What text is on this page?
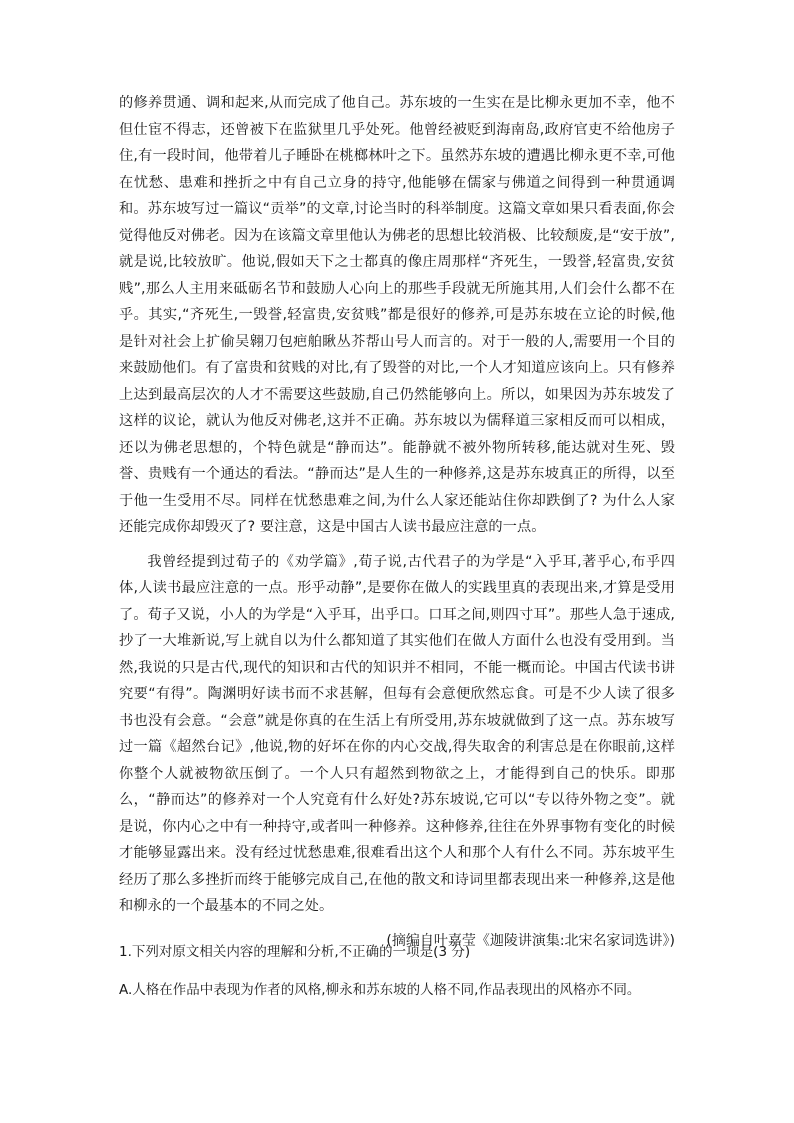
的修养贯通、调和起来,从而完成了他自己。苏东坡的一生实在是比柳永更加不幸，他不但仕宦不得志，还曾被下在监狱里几乎处死。他曾经被贬到海南岛,政府官吏不给他房子住,有一段时间，他带着儿子睡卧在桃榔林叶之下。虽然苏东坡的遭遇比柳永更不幸,可他在忧愁、患难和挫折之中有自己立身的持守,他能够在儒家与佛道之间得到一种贯通调和。苏东坡写过一篇议“贡举”的文章,讨论当时的科举制度。这篇文章如果只看表面,你会觉得他反对佛老。因为在该篇文章里他认为佛老的思想比较消极、比较颓废,是“安于放”,就是说,比较放旷。他说,假如天下之士都真的像庄周那样“齐死生，一毁誉,轻富贵,安贫贱”,那么人主用来砥砺名节和鼓励人心向上的那些手段就无所施其用,人们会什么都不在乎。其实,“齐死生,一毁誉,轻富贵,安贫贱”都是很好的修养,可是苏东坡在立论的时候,他是针对社会上扩偷吴翱刀包疤舶瞅丛芥帮山号人而言的。对于一般的人,需要用一个目的来鼓励他们。有了富贵和贫贱的对比,有了毁誉的对比,一个人才知道应该向上。只有修养上达到最高层次的人才不需要这些鼓励,自己仍然能够向上。所以，如果因为苏东坡发了这样的议论，就认为他反对佛老,这并不正确。苏东坡以为儒释道三家相反而可以相成，还以为佛老思想的，个特色就是“静而达”。能静就不被外物所转移,能达就对生死、毁誉、贵贱有一个通达的看法。“静而达”是人生的一种修养,这是苏东坡真正的所得，以至于他一生受用不尽。同样在忧愁患难之间,为什么人家还能站住你却跌倒了? 为什么人家还能完成你却毁灭了? 要注意，这是中国古人读书最应注意的一点。

我曾经提到过荀子的《劝学篇》,荀子说,古代君子的为学是“入乎耳,著乎心,布乎四体,人读书最应注意的一点。形乎动静”,是要你在做人的实践里真的表现出来,才算是受用了。荀子又说，小人的为学是“入乎耳，出乎口。口耳之间,则四寸耳”。那些人急于速成,抄了一大堆新说,写上就自以为什么都知道了其实他们在做人方面什么也没有受用到。当然,我说的只是古代,现代的知识和古代的知识并不相同，不能一概而论。中国古代读书讲究要“有得”。陶渊明好读书而不求甚解，但每有会意便欣然忘食。可是不少人读了很多书也没有会意。“会意”就是你真的在生活上有所受用,苏东坡就做到了这一点。苏东坡写过一篇《超然台记》,他说,物的好坏在你的内心交战,得失取舍的利害总是在你眼前,这样你整个人就被物欲压倒了。一个人只有超然到物欲之上，才能得到自己的快乐。即那么，“静而达”的修养对一个人究竟有什么好处?苏东坡说,它可以“专以待外物之变”。就是说，你内心之中有一种持守,或者叫一种修养。这种修养,往往在外界事物有变化的时候才能够显露出来。没有经过忧愁患难,很难看出这个人和那个人有什么不同。苏东坡平生经历了那么多挫折而终于能够完成自己,在他的散文和诗词里都表现出来一种修养,这是他和柳永的一个最基本的不同之处。

(摘编自叶嘉莹《迦陵讲演集:北宋名家词选讲》)

1.下列对原文相关内容的理解和分析,不正确的一项是(3 分)

A.人格在作品中表现为作者的风格,柳永和苏东坡的人格不同,作品表现出的风格亦不同。
